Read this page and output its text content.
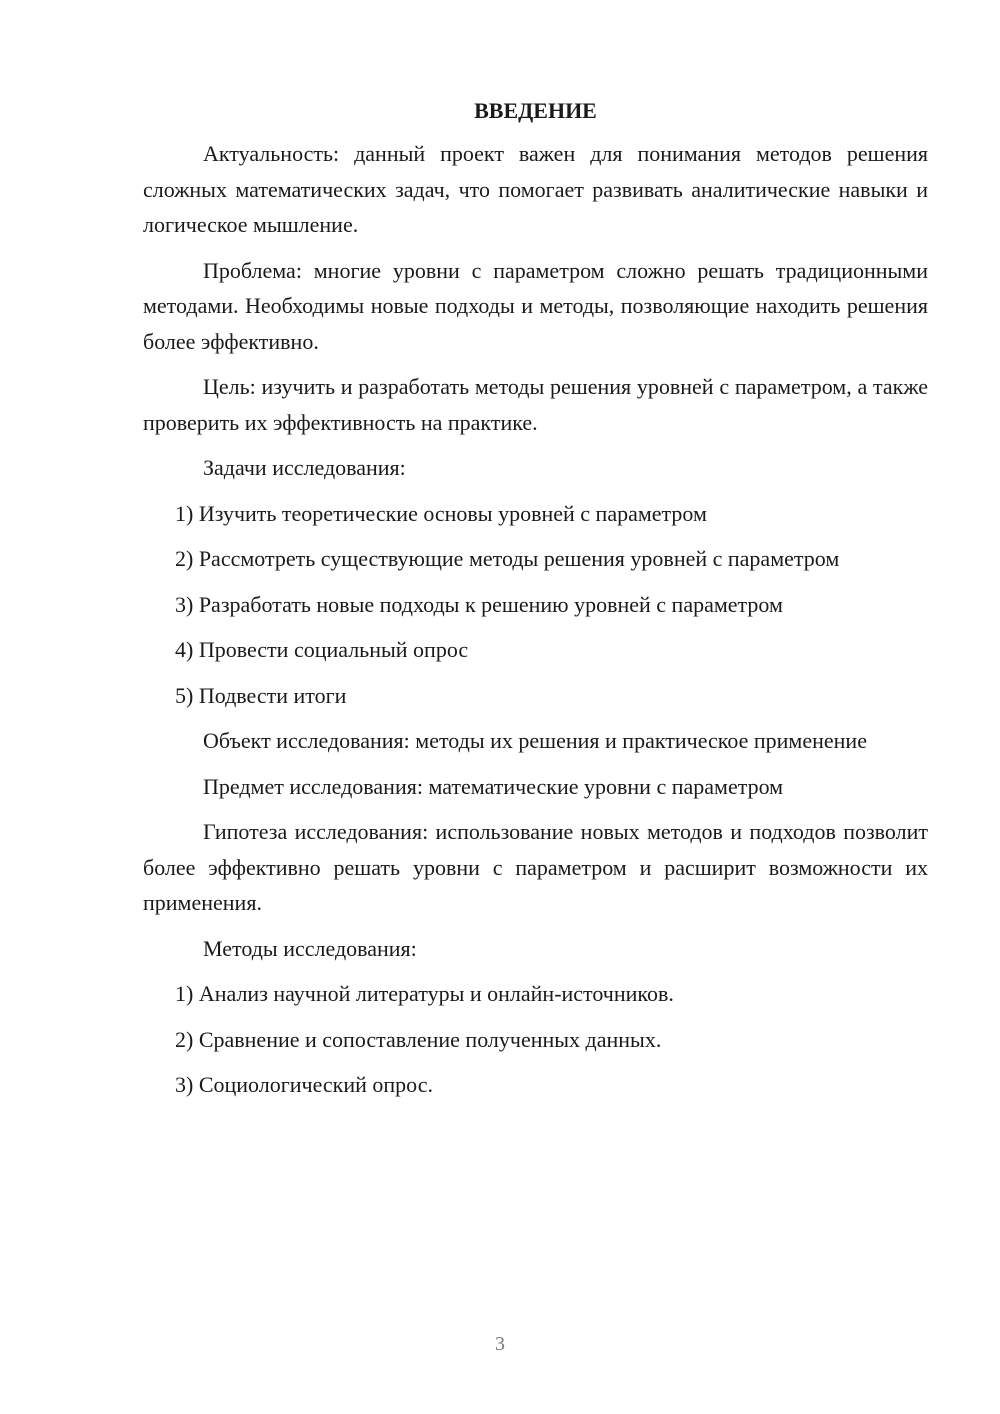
ВВЕДЕНИЕ
Актуальность: данный проект важен для понимания методов решения сложных математических задач, что помогает развивать аналитические навыки и логическое мышление.
Проблема: многие уровни с параметром сложно решать традиционными методами. Необходимы новые подходы и методы, позволяющие находить решения более эффективно.
Цель: изучить и разработать методы решения уровней с параметром, а также проверить их эффективность на практике.
Задачи исследования:
1) Изучить теоретические основы уровней с параметром
2) Рассмотреть существующие методы решения уровней с параметром
3) Разработать новые подходы к решению уровней с параметром
4) Провести социальный опрос
5) Подвести итоги
Объект исследования: методы их решения и практическое применение
Предмет исследования: математические уровни с параметром
Гипотеза исследования: использование новых методов и подходов позволит более эффективно решать уровни с параметром и расширит возможности их применения.
Методы исследования:
1) Анализ научной литературы и онлайн-источников.
2) Сравнение и сопоставление полученных данных.
3) Социологический опрос.
3
